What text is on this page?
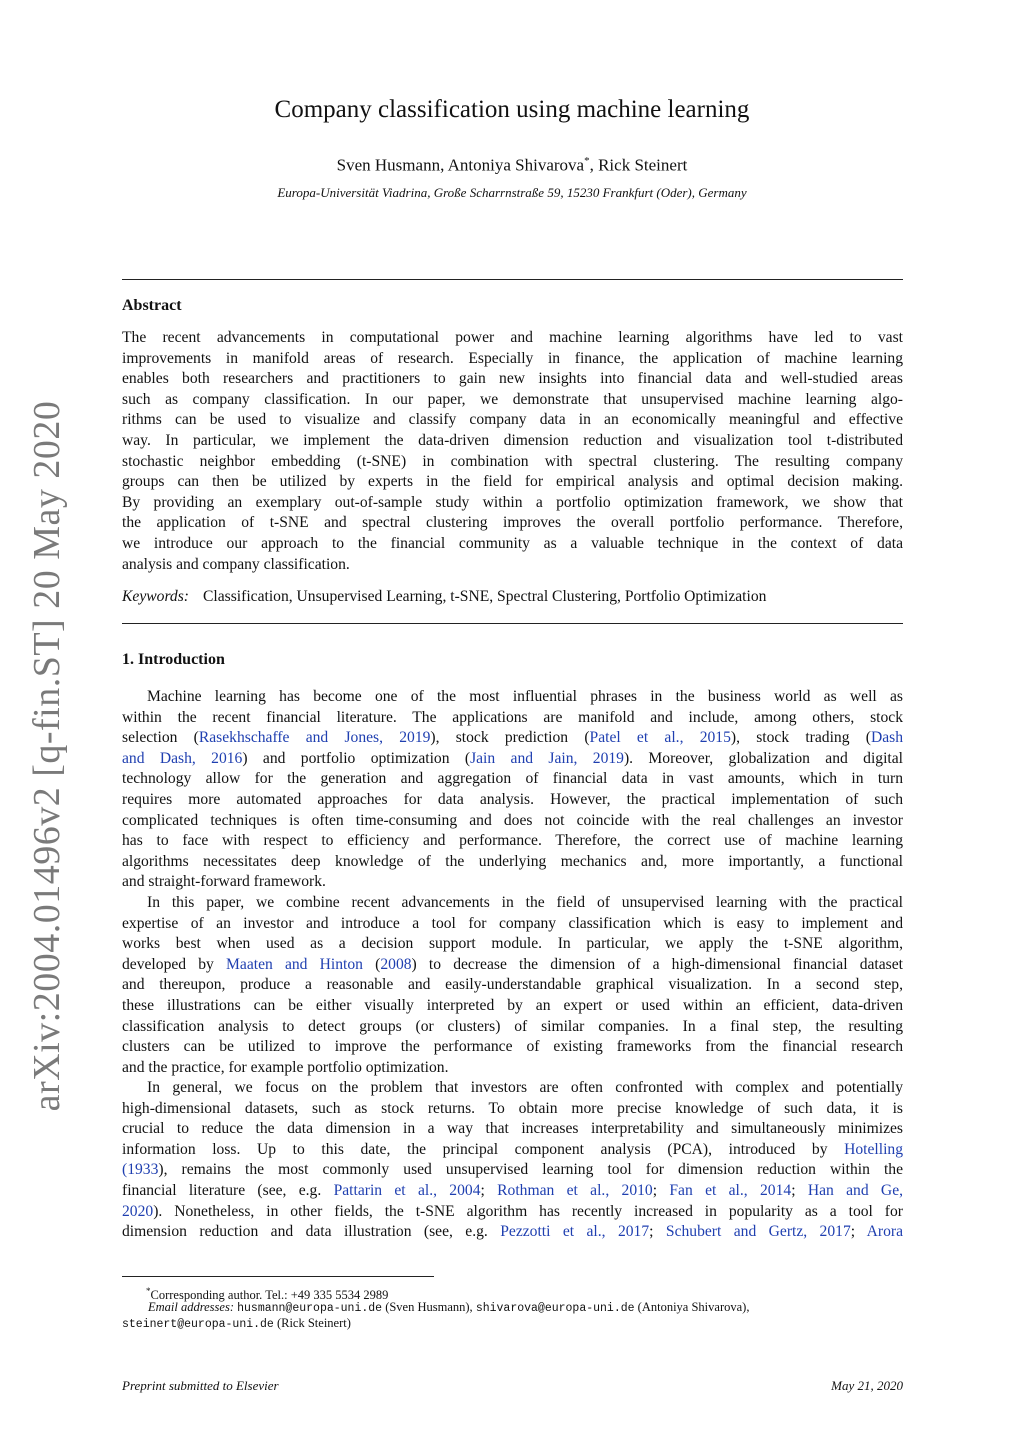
arXiv:2004.01496v2 [q-fin.ST] 20 May 2020
Company classification using machine learning
Sven Husmann, Antoniya Shivarova*, Rick Steinert
Europa-Universität Viadrina, Große Scharrnstraße 59, 15230 Frankfurt (Oder), Germany
Abstract
The recent advancements in computational power and machine learning algorithms have led to vast
improvements in manifold areas of research. Especially in finance, the application of machine learning
enables both researchers and practitioners to gain new insights into financial data and well-studied areas
such as company classification. In our paper, we demonstrate that unsupervised machine learning algo-
rithms can be used to visualize and classify company data in an economically meaningful and effective
way. In particular, we implement the data-driven dimension reduction and visualization tool t-distributed
stochastic neighbor embedding (t-SNE) in combination with spectral clustering. The resulting company
groups can then be utilized by experts in the field for empirical analysis and optimal decision making.
By providing an exemplary out-of-sample study within a portfolio optimization framework, we show that
the application of t-SNE and spectral clustering improves the overall portfolio performance. Therefore,
we introduce our approach to the financial community as a valuable technique in the context of data
analysis and company classification.
Keywords: Classification, Unsupervised Learning, t-SNE, Spectral Clustering, Portfolio Optimization
1. Introduction
Machine learning has become one of the most influential phrases in the business world as well as
within the recent financial literature. The applications are manifold and include, among others, stock
selection (Rasekhschaffe and Jones, 2019), stock prediction (Patel et al., 2015), stock trading (Dash
and Dash, 2016) and portfolio optimization (Jain and Jain, 2019). Moreover, globalization and digital
technology allow for the generation and aggregation of financial data in vast amounts, which in turn
requires more automated approaches for data analysis. However, the practical implementation of such
complicated techniques is often time-consuming and does not coincide with the real challenges an investor
has to face with respect to efficiency and performance. Therefore, the correct use of machine learning
algorithms necessitates deep knowledge of the underlying mechanics and, more importantly, a functional
and straight-forward framework.
In this paper, we combine recent advancements in the field of unsupervised learning with the practical
expertise of an investor and introduce a tool for company classification which is easy to implement and
works best when used as a decision support module. In particular, we apply the t-SNE algorithm,
developed by Maaten and Hinton (2008) to decrease the dimension of a high-dimensional financial dataset
and thereupon, produce a reasonable and easily-understandable graphical visualization. In a second step,
these illustrations can be either visually interpreted by an expert or used within an efficient, data-driven
classification analysis to detect groups (or clusters) of similar companies. In a final step, the resulting
clusters can be utilized to improve the performance of existing frameworks from the financial research
and the practice, for example portfolio optimization.
In general, we focus on the problem that investors are often confronted with complex and potentially
high-dimensional datasets, such as stock returns. To obtain more precise knowledge of such data, it is
crucial to reduce the data dimension in a way that increases interpretability and simultaneously minimizes
information loss. Up to this date, the principal component analysis (PCA), introduced by Hotelling
(1933), remains the most commonly used unsupervised learning tool for dimension reduction within the
financial literature (see, e.g. Pattarin et al., 2004; Rothman et al., 2010; Fan et al., 2014; Han and Ge,
2020). Nonetheless, in other fields, the t-SNE algorithm has recently increased in popularity as a tool for
dimension reduction and data illustration (see, e.g. Pezzotti et al., 2017; Schubert and Gertz, 2017; Arora
*Corresponding author. Tel.: +49 335 5534 2989
Email addresses: husmann@europa-uni.de (Sven Husmann), shivarova@europa-uni.de (Antoniya Shivarova),
steinert@europa-uni.de (Rick Steinert)
Preprint submitted to Elsevier	May 21, 2020
